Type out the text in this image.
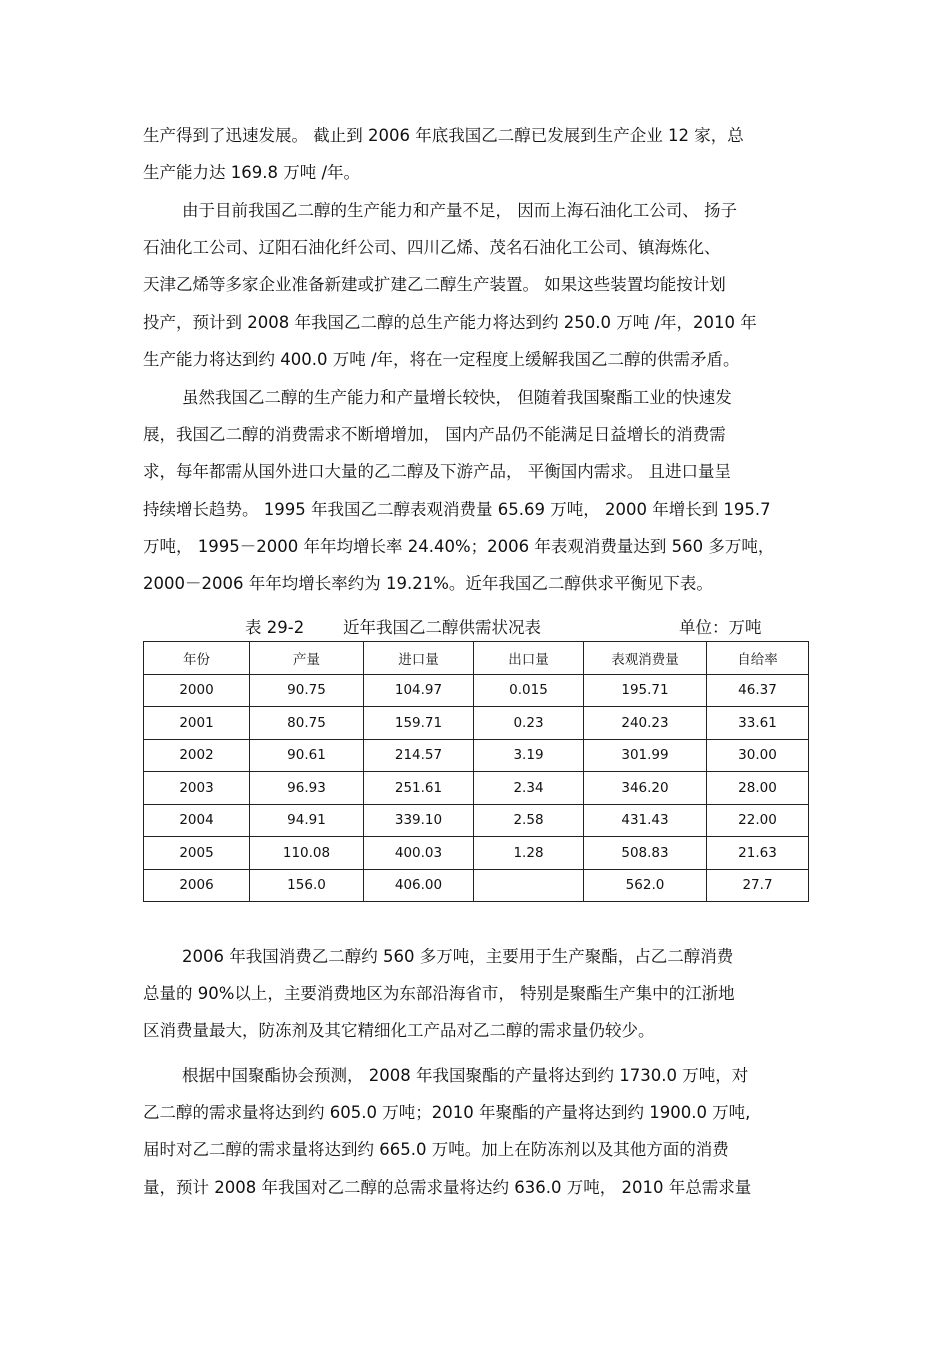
生产得到了迅速发展。 截止到 2006 年底我国乙二醇已发展到生产企业 12 家，总
生产能力达 169.8 万吨 /年。
由于目前我国乙二醇的生产能力和产量不足， 因而上海石油化工公司、 扬子
石油化工公司、辽阳石油化纤公司、四川乙烯、茂名石油化工公司、镇海炼化、
天津乙烯等多家企业准备新建或扩建乙二醇生产装置。 如果这些装置均能按计划
投产，预计到 2008 年我国乙二醇的总生产能力将达到约 250.0 万吨 /年，2010 年
生产能力将达到约 400.0 万吨 /年，将在一定程度上缓解我国乙二醇的供需矛盾。
虽然我国乙二醇的生产能力和产量增长较快， 但随着我国聚酯工业的快速发
展，我国乙二醇的消费需求不断增增加， 国内产品仍不能满足日益增长的消费需
求，每年都需从国外进口大量的乙二醇及下游产品， 平衡国内需求。 且进口量呈
持续增长趋势。 1995 年我国乙二醇表观消费量 65.69 万吨， 2000 年增长到 195.7
万吨， 1995－2000 年年均增长率 24.40%；2006 年表观消费量达到 560 多万吨，
2000－2006 年年均增长率约为 19.21%。近年我国乙二醇供求平衡见下表。
2006 年我国消费乙二醇约 560 多万吨，主要用于生产聚酯，占乙二醇消费
总量的 90%以上，主要消费地区为东部沿海省市， 特别是聚酯生产集中的江浙地
区消费量最大，防冻剂及其它精细化工产品对乙二醇的需求量仍较少。
根据中国聚酯协会预测， 2008 年我国聚酯的产量将达到约 1730.0 万吨，对
乙二醇的需求量将达到约 605.0 万吨；2010 年聚酯的产量将达到约 1900.0 万吨,
届时对乙二醇的需求量将达到约 665.0 万吨。加上在防冻剂以及其他方面的消费
量，预计 2008 年我国对乙二醇的总需求量将达约 636.0 万吨， 2010 年总需求量
表 29-2 近年我国乙二醇供需状况表	单位：万吨
年份	产量	进口量	出口量	表观消费量	自给率
2000	90.75	104.97	0.015	195.71	46.37
2001	80.75	159.71	0.23	240.23	33.61
2002	90.61	214.57	3.19	301.99	30.00
2003	96.93	251.61	2.34	346.20	28.00
2004	94.91	339.10	2.58	431.43	22.00
2005	110.08	400.03	1.28	508.83	21.63
2006	156.0	406.00		562.0	27.7
